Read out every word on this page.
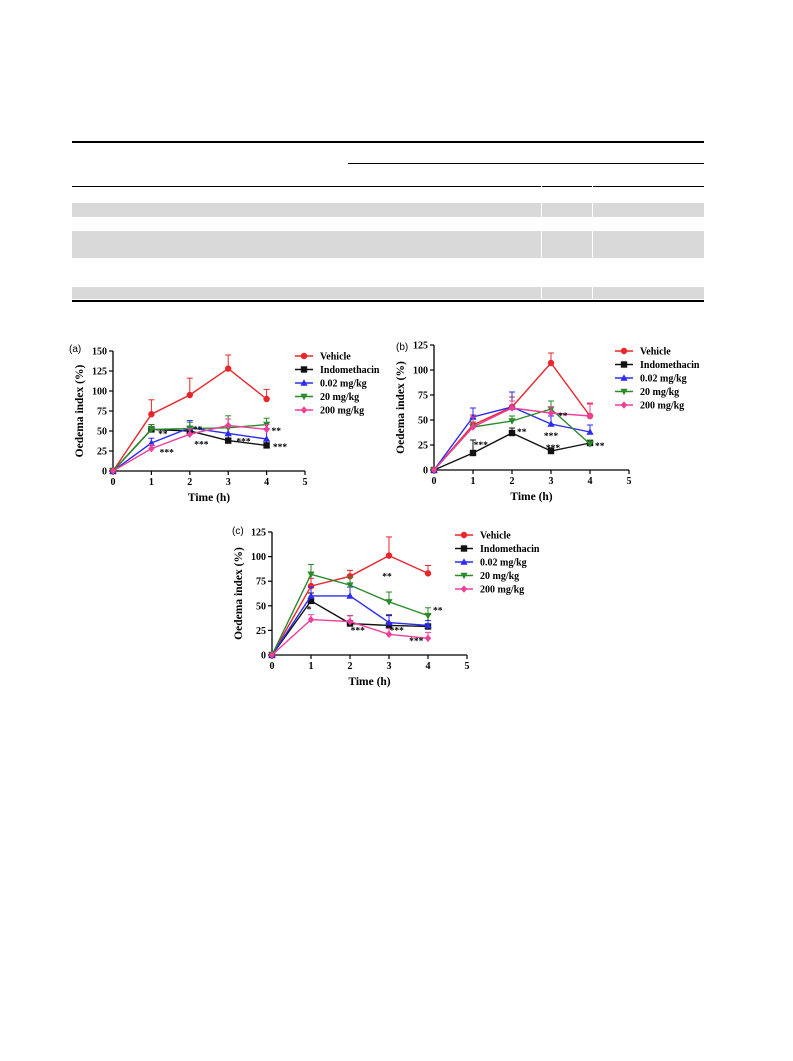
(a)
0	1	2	3	4	5
0
25
50
75
100
125
150	Vehicle
Indomethacin
0.02 mg/kg
20 mg/kg
200 mg/kg
**
***
**
***	***
**
***
Time (h)
Oedema index (%)
(b)
0	1	2	3	4	5
0
25
50
75
100
125
Vehicle
Indomethacin
0.02 mg/kg
20 mg/kg
200 mg/kg
***
** ***
**
***	**
Time (h)
Oedema index (%)
(c)
0	1	2	3	4	5
0
25
50
75
100
125	Vehicle
Indomethacin
0.02 mg/kg
20 mg/kg
200 mg/kg
*
***
**
***
***
**
Time (h)
Oedema index (%)
